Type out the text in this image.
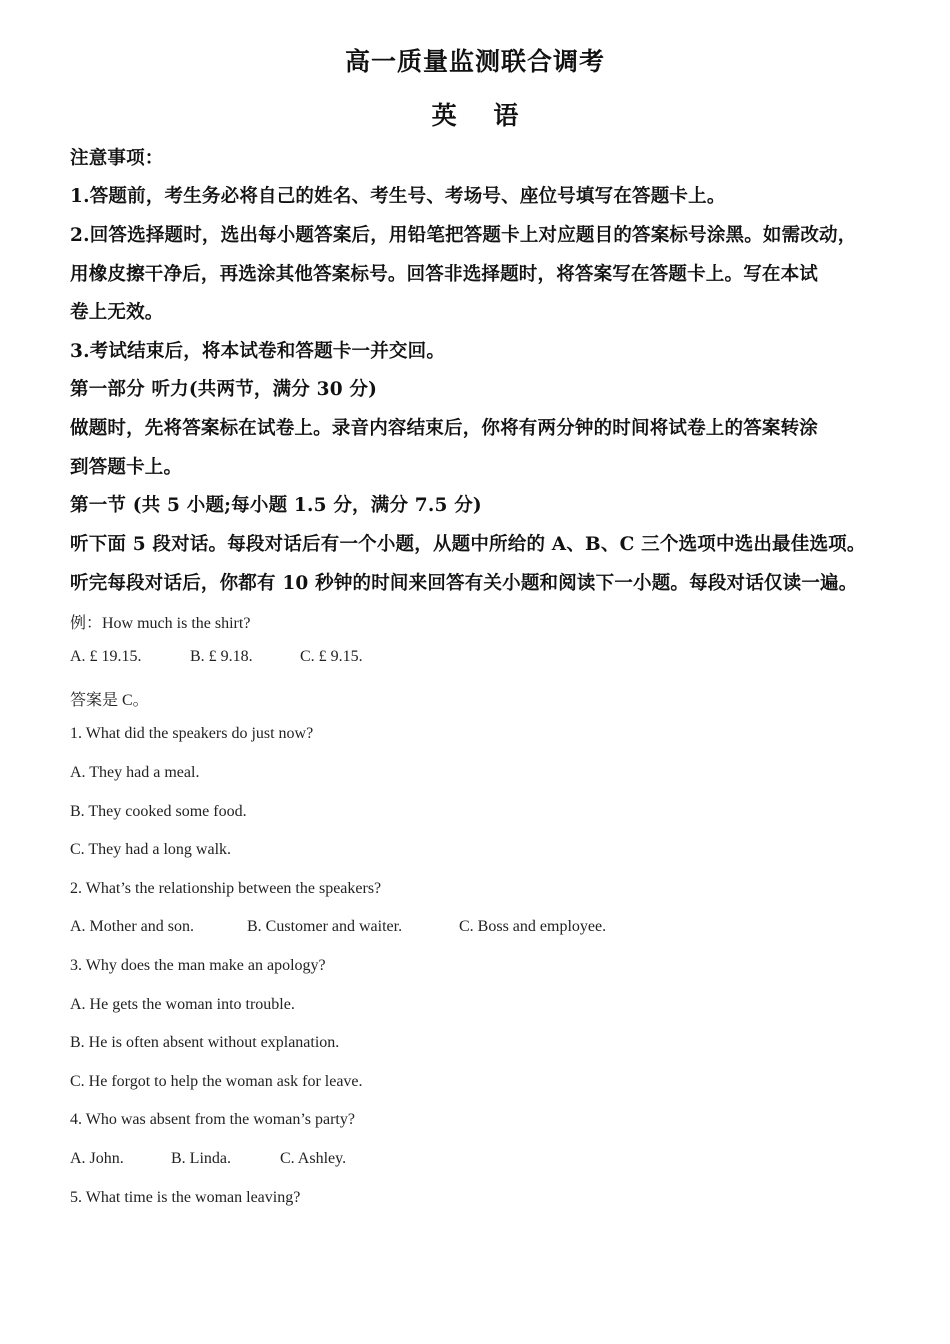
高一质量监测联合调考
英 语
注意事项：
1.答题前，考生务必将自己的姓名、考生号、考场号、座位号填写在答题卡上。
2.回答选择题时，选出每小题答案后，用铅笔把答题卡上对应题目的答案标号涂黑。如需改动，
用橡皮擦干净后，再选涂其他答案标号。回答非选择题时，将答案写在答题卡上。写在本试
卷上无效。
3.考试结束后，将本试卷和答题卡一并交回。
第一部分 听力(共两节，满分 30 分)
做题时，先将答案标在试卷上。录音内容结束后，你将有两分钟的时间将试卷上的答案转涂
到答题卡上。
第一节 (共 5 小题;每小题 1.5 分，满分 7.5 分)
听下面 5 段对话。每段对话后有一个小题，从题中所给的 A、B、C 三个选项中选出最佳选项。
听完每段对话后，你都有 10 秒钟的时间来回答有关小题和阅读下一小题。每段对话仅读一遍。
例：How much is the shirt?
A. £ 19.15.	B. £ 9.18.	C. £ 9.15.
答案是 C。
1. What did the speakers do just now?
A. They had a meal.
B. They cooked some food.
C. They had a long walk.
2. What’s the relationship between the speakers?
A. Mother and son.	B. Customer and waiter.	C. Boss and employee.
3. Why does the man make an apology?
A. He gets the woman into trouble.
B. He is often absent without explanation.
C. He forgot to help the woman ask for leave.
4. Who was absent from the woman’s party?
A. John.	B. Linda.	C. Ashley.
5. What time is the woman leaving?
